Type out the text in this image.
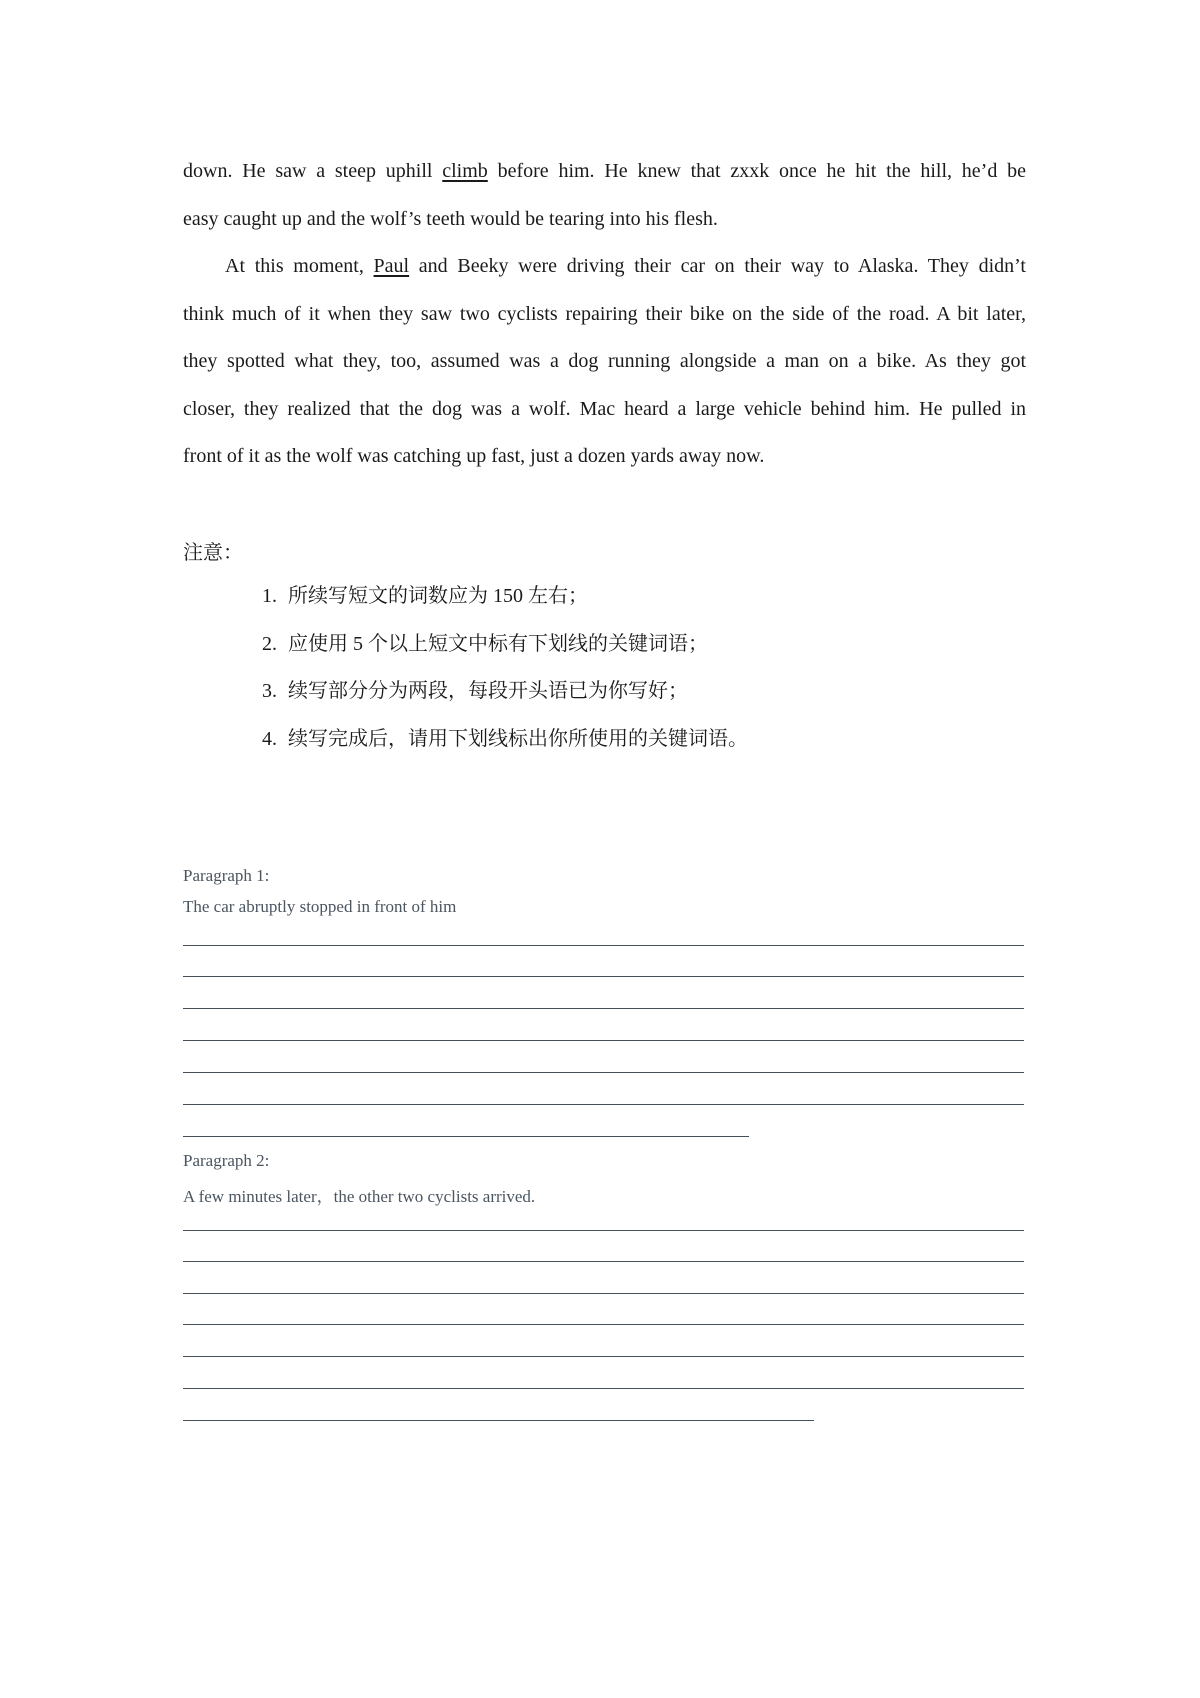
down. He saw a steep uphill climb before him. He knew that zxxk once he hit the hill, he’d be

easy caught up and the wolf’s teeth would be tearing into his flesh.

At this moment, Paul and Beeky were driving their car on their way to Alaska. They didn’t

think much of it when they saw two cyclists repairing their bike on the side of the road. A bit later,

they spotted what they, too, assumed was a dog running alongside a man on a bike. As they got

closer, they realized that the dog was a wolf. Mac heard a large vehicle behind him. He pulled in

front of it as the wolf was catching up fast, just a dozen yards away now.

注意：

1. 所续写短文的词数应为 150 左右；
2. 应使用 5 个以上短文中标有下划线的关键词语；
3. 续写部分分为两段，每段开头语已为你写好；
4. 续写完成后，请用下划线标出你所使用的关键词语。

Paragraph 1:

The car abruptly stopped in front of him

Paragraph 2:

A few minutes later，the other two cyclists arrived.
